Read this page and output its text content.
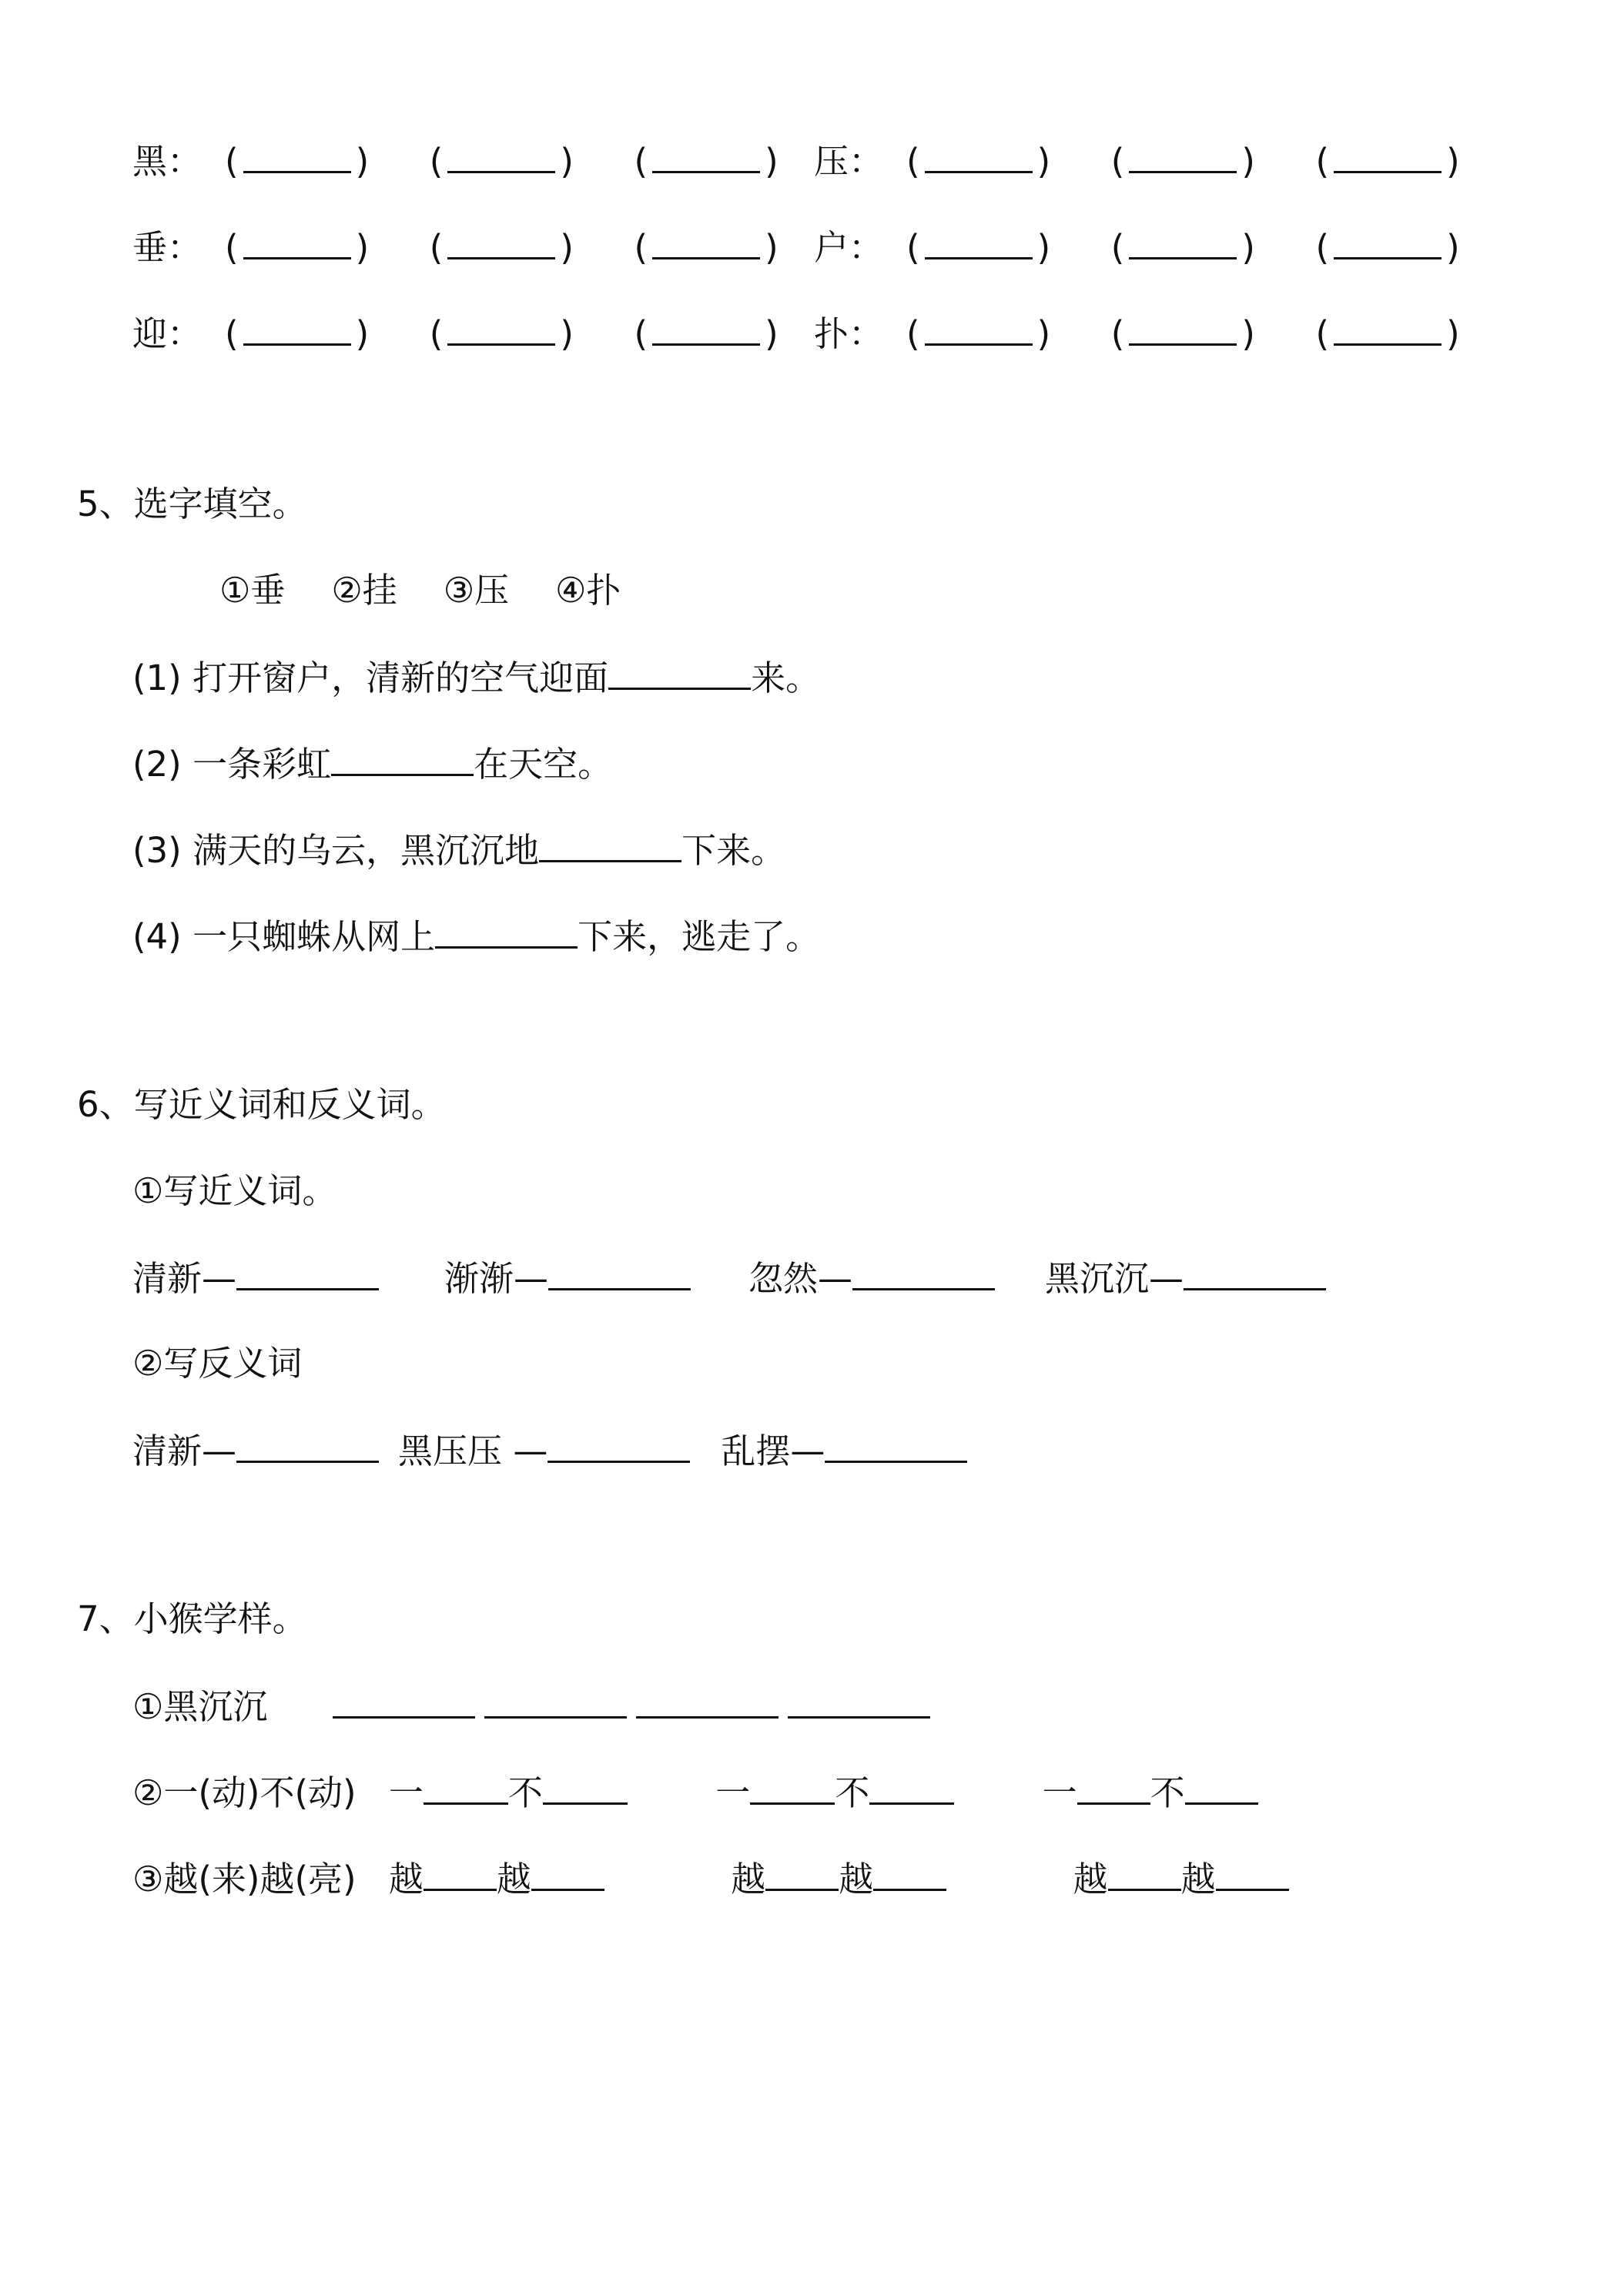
黑： (	) (	) (	) 压： (	) (	) (	)
垂： (	) (	) (	) 户： (	) (	) (	)
迎： (	) (	) (	) 扑： (	) (	) (	)
5、选字填空。
①垂 ②挂 ③压 ④扑
(1) 打开窗户，清新的空气迎面	来。
(2) 一条彩虹	在天空。
(3) 满天的乌云，黑沉沉地	下来。
(4) 一只蜘蛛从网上	下来，逃走了。
6、写近义词和反义词。
①写近义词。
清新—	渐渐—	忽然—	黑沉沉—
②写反义词
清新—	黑压压 —	乱摆—
7、小猴学样。
①黑沉沉
②一(动)不(动) 一 不	一 不	一 不
③越(来)越(亮) 越 越	越 越	越 越
